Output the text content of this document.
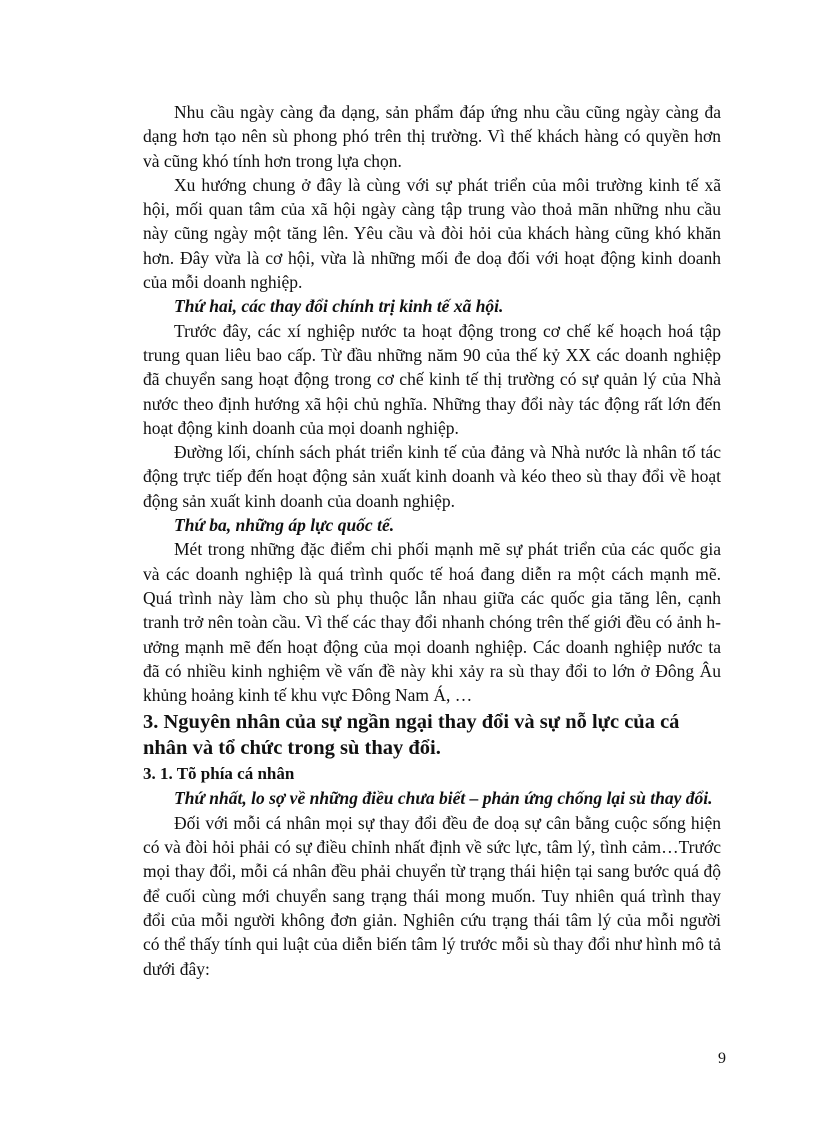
Nhu cầu ngày càng đa dạng, sản phẩm đáp ứng nhu cầu cũng ngày càng đa dạng hơn tạo nên sù phong phó trên thị trường. Vì thế khách hàng có quyền hơn và cũng khó tính hơn trong lựa chọn.

Xu hướng chung ở đây là cùng với sự phát triển của môi trường kinh tế xã hội, mối quan tâm của xã hội ngày càng tập trung vào thoả mãn những nhu cầu này cũng ngày một tăng lên. Yêu cầu và đòi hỏi của khách hàng cũng khó khăn hơn. Đây vừa là cơ hội, vừa là những mối đe doạ đối với hoạt động kinh doanh của mỗi doanh nghiệp.

Thứ hai, các thay đổi chính trị kinh tế xã hội.

Trước đây, các xí nghiệp nước ta hoạt động trong cơ chế kế hoạch hoá tập trung quan liêu bao cấp. Từ đầu những năm 90 của thế kỷ XX các doanh nghiệp đã chuyển sang hoạt động trong cơ chế kinh tế thị trường có sự quản lý của Nhà nước theo định hướng xã hội chủ nghĩa. Những thay đổi này tác động rất lớn đến hoạt động kinh doanh của mọi doanh nghiệp.

Đường lối, chính sách phát triển kinh tế của đảng và Nhà nước là nhân tố tác động trực tiếp đến hoạt động sản xuất kinh doanh và kéo theo sù thay đổi về hoạt động sản xuất kinh doanh của doanh nghiệp.

Thứ ba, những áp lực quốc tế.

Mét trong những đặc điểm chi phối mạnh mẽ sự phát triển của các quốc gia và các doanh nghiệp là quá trình quốc tế hoá đang diễn ra một cách mạnh mẽ. Quá trình này làm cho sù phụ thuộc lẫn nhau giữa các quốc gia tăng lên, cạnh tranh trở nên toàn cầu. Vì thế các thay đổi nhanh chóng trên thế giới đều có ảnh hưởng mạnh mẽ đến hoạt động của mọi doanh nghiệp. Các doanh nghiệp nước ta đã có nhiều kinh nghiệm về vấn đề này khi xảy ra sù thay đổi to lớn ở Đông Âu khủng hoảng kinh tế khu vực Đông Nam Á, …

3. Nguyên nhân của sự ngần ngại thay đổi và sự nỗ lực của cá nhân và tổ chức trong sù thay đổi.

3. 1. Tõ phía cá nhân

Thứ nhất, lo sợ về những điều chưa biết – phản ứng chống lại sù thay đổi.

Đối với mỗi cá nhân mọi sự thay đổi đều đe doạ sự cân bằng cuộc sống hiện có và đòi hỏi phải có sự điều chỉnh nhất định về sức lực, tâm lý, tình cảm…Trước mọi thay đổi, mỗi cá nhân đều phải chuyển từ trạng thái hiện tại sang bước quá độ để cuối cùng mới chuyển sang trạng thái mong muốn. Tuy nhiên quá trình thay đổi của mỗi người không đơn giản. Nghiên cứu trạng thái tâm lý của mỗi người có thể thấy tính qui luật của diễn biến tâm lý trước mỗi sù thay đổi như hình mô tả dưới đây:

9
